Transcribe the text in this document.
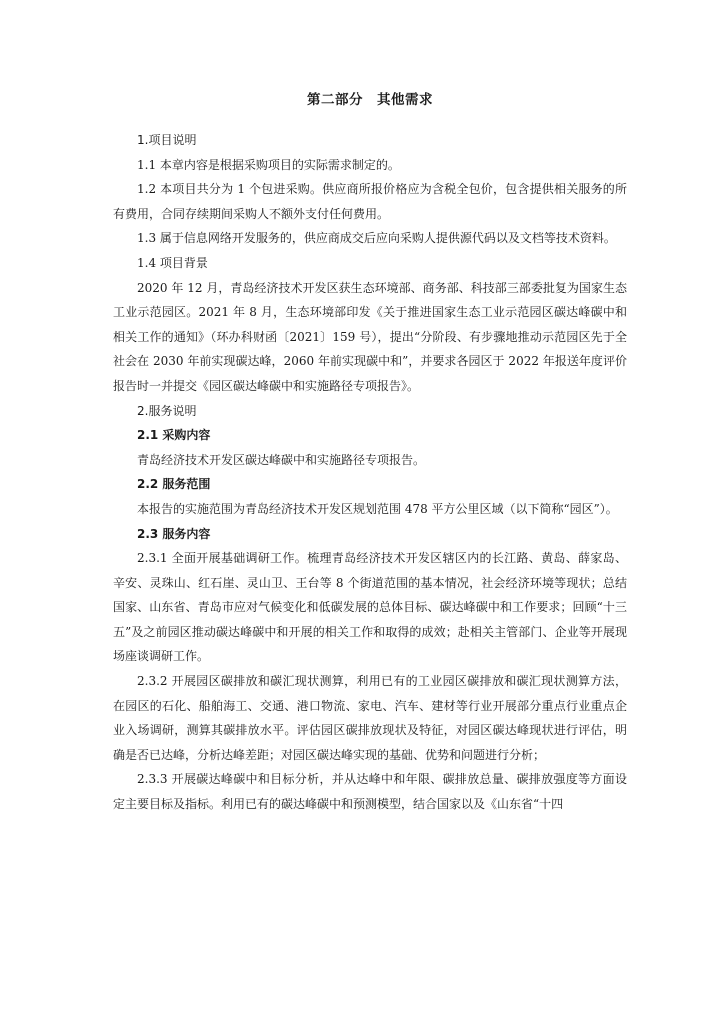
第二部分　其他需求

1.项目说明

1.1 本章内容是根据采购项目的实际需求制定的。

1.2 本项目共分为 1 个包进采购。供应商所报价格应为含税全包价，包含提供相关服务的所有费用，合同存续期间采购人不额外支付任何费用。

1.3 属于信息网络开发服务的，供应商成交后应向采购人提供源代码以及文档等技术资料。

1.4 项目背景

2020 年 12 月，青岛经济技术开发区获生态环境部、商务部、科技部三部委批复为国家生态工业示范园区。2021 年 8 月，生态环境部印发《关于推进国家生态工业示范园区碳达峰碳中和相关工作的通知》（环办科财函〔2021〕159 号），提出“分阶段、有步骤地推动示范园区先于全社会在 2030 年前实现碳达峰，2060 年前实现碳中和”，并要求各园区于 2022 年报送年度评价报告时一并提交《园区碳达峰碳中和实施路径专项报告》。

2.服务说明

2.1 采购内容

青岛经济技术开发区碳达峰碳中和实施路径专项报告。

2.2 服务范围

本报告的实施范围为青岛经济技术开发区规划范围 478 平方公里区域（以下简称“园区”）。

2.3 服务内容

2.3.1 全面开展基础调研工作。梳理青岛经济技术开发区辖区内的长江路、黄岛、薛家岛、辛安、灵珠山、红石崖、灵山卫、王台等 8 个街道范围的基本情况，社会经济环境等现状；总结国家、山东省、青岛市应对气候变化和低碳发展的总体目标、碳达峰碳中和工作要求；回顾“十三五”及之前园区推动碳达峰碳中和开展的相关工作和取得的成效；赴相关主管部门、企业等开展现场座谈调研工作。

2.3.2 开展园区碳排放和碳汇现状测算，利用已有的工业园区碳排放和碳汇现状测算方法，在园区的石化、船舶海工、交通、港口物流、家电、汽车、建材等行业开展部分重点行业重点企业入场调研，测算其碳排放水平。评估园区碳排放现状及特征，对园区碳达峰现状进行评估，明确是否已达峰，分析达峰差距；对园区碳达峰实现的基础、优势和问题进行分析；

2.3.3 开展碳达峰碳中和目标分析，并从达峰中和年限、碳排放总量、碳排放强度等方面设定主要目标及指标。利用已有的碳达峰碳中和预测模型，结合国家以及《山东省“十四
